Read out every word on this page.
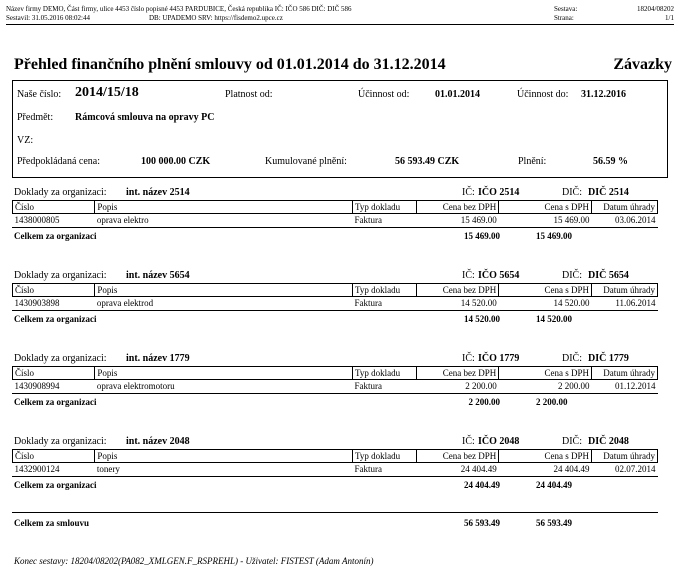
Název firmy DEMO, Část firmy, ulice 4453 číslo popisné 4453 PARDUBICE, Česká republika IČ: IČO 586 DIČ: DIČ 586	Sestava:	18204/08202
Sestavil: 31.05.2016 08:02:44	DB: UPADEMO SRV: https://fisdemo2.upce.cz	Strana:	1/1
Přehled finančního plnění smlouvy od 01.01.2014 do 31.12.2014	Závazky
Naše číslo: 2014/15/18	Platnost od:	Účinnost od:	01.01.2014	Účinnost do: 31.12.2016
Předmět: Rámcová smlouva na opravy PC
VZ:
Předpokládaná cena:	100 000.00 CZK	Kumulované plnění:	56 593.49 CZK	Plnění:	56.59 %
Doklady za organizaci: int. název 2514	IČ: IČO 2514	DIČ: DIČ 2514
Číslo	Popis	Typ dokladu	Cena bez DPH	Cena s DPH	Datum úhrady
1438000805	oprava elektro	Faktura	15 469.00	15 469.00	03.06.2014
Celkem za organizaci	15 469.00	15 469.00
Doklady za organizaci: int. název 5654	IČ: IČO 5654	DIČ: DIČ 5654
Číslo	Popis	Typ dokladu	Cena bez DPH	Cena s DPH	Datum úhrady
1430903898	oprava elektrod	Faktura	14 520.00	14 520.00	11.06.2014
Celkem za organizaci	14 520.00	14 520.00
Doklady za organizaci: int. název 1779	IČ: IČO 1779	DIČ: DIČ 1779
Číslo	Popis	Typ dokladu	Cena bez DPH	Cena s DPH	Datum úhrady
1430908994	oprava elektromotoru	Faktura	2 200.00	2 200.00	01.12.2014
Celkem za organizaci	2 200.00	2 200.00
Doklady za organizaci: int. název 2048	IČ: IČO 2048	DIČ: DIČ 2048
Číslo	Popis	Typ dokladu	Cena bez DPH	Cena s DPH	Datum úhrady
1432900124	tonery	Faktura	24 404.49	24 404.49	02.07.2014
Celkem za organizaci	24 404.49	24 404.49
Celkem za smlouvu	56 593.49	56 593.49
Konec sestavy: 18204/08202(PA082_XMLGEN.F_RSPREHL) - Uživatel: FISTEST (Adam Antonín)
